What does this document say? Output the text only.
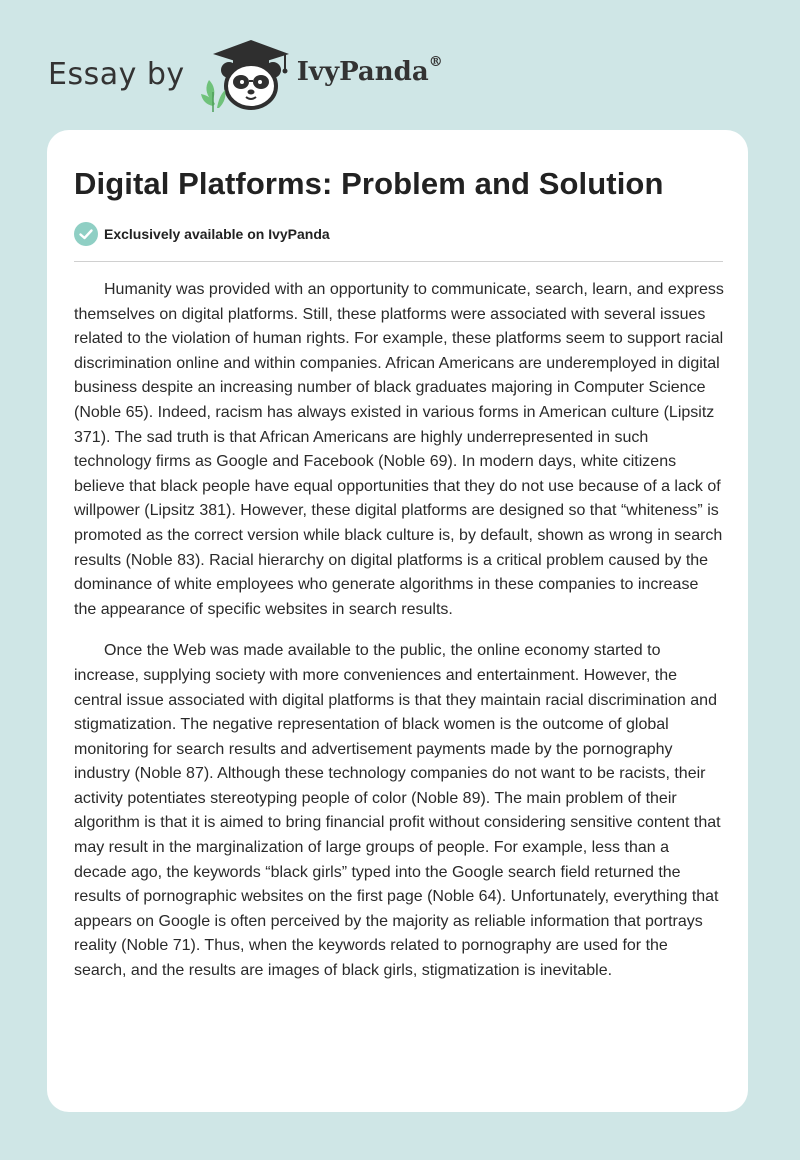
Essay by	IvyPanda®
Digital Platforms: Problem and Solution
Exclusively available on IvyPanda

Humanity was provided with an opportunity to communicate, search, learn, and express themselves on digital platforms. Still, these platforms were associated with several issues related to the violation of human rights. For example, these platforms seem to support racial discrimination online and within companies. African Americans are underemployed in digital business despite an increasing number of black graduates majoring in Computer Science (Noble 65). Indeed, racism has always existed in various forms in American culture (Lipsitz 371). The sad truth is that African Americans are highly underrepresented in such technology firms as Google and Facebook (Noble 69). In modern days, white citizens believe that black people have equal opportunities that they do not use because of a lack of willpower (Lipsitz 381). However, these digital platforms are designed so that “whiteness” is promoted as the correct version while black culture is, by default, shown as wrong in search results (Noble 83). Racial hierarchy on digital platforms is a critical problem caused by the dominance of white employees who generate algorithms in these companies to increase the appearance of specific websites in search results.

Once the Web was made available to the public, the online economy started to increase, supplying society with more conveniences and entertainment. However, the central issue associated with digital platforms is that they maintain racial discrimination and stigmatization. The negative representation of black women is the outcome of global monitoring for search results and advertisement payments made by the pornography industry (Noble 87). Although these technology companies do not want to be racists, their activity potentiates stereotyping people of color (Noble 89). The main problem of their algorithm is that it is aimed to bring financial profit without considering sensitive content that may result in the marginalization of large groups of people. For example, less than a decade ago, the keywords “black girls” typed into the Google search field returned the results of pornographic websites on the first page (Noble 64). Unfortunately, everything that appears on Google is often perceived by the majority as reliable information that portrays reality (Noble 71). Thus, when the keywords related to pornography are used for the search, and the results are images of black girls, stigmatization is inevitable.
